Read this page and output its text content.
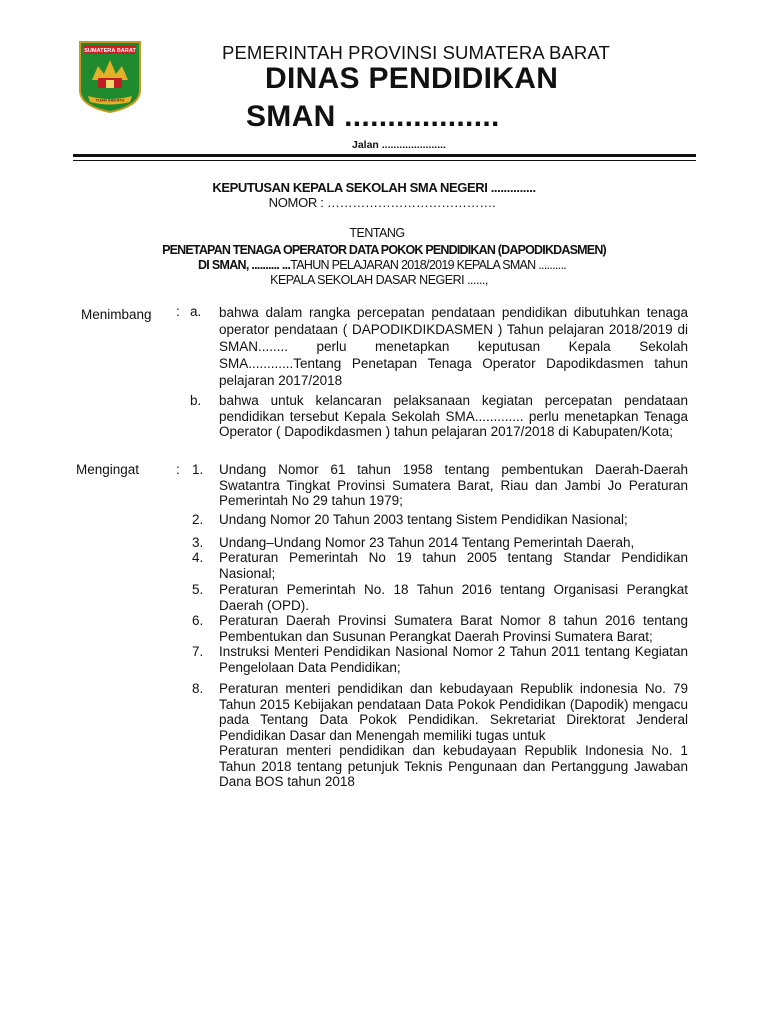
SUMATERA BARAT
TUAH SAKATO
PEMERINTAH PROVINSI SUMATERA BARAT
DINAS PENDIDIKAN
SMAN ..................
Jalan ......................
KEPUTUSAN KEPALA SEKOLAH SMA NEGERI ..............
NOMOR : ………………………………….
TENTANG
PENETAPAN TENAGA OPERATOR DATA POKOK PENDIDIKAN (DAPODIKDASMEN)
DI SMAN, .......... ...TAHUN PELAJARAN 2018/2019 KEPALA SMAN ..........
KEPALA SEKOLAH DASAR NEGERI ......,
Menimbang : a. bahwa dalam rangka percepatan pendataan pendidikan dibutuhkan tenaga operator pendataan ( DAPODIKDIKDASMEN ) Tahun pelajaran 2018/2019 di SMAN........ perlu menetapkan keputusan Kepala Sekolah SMA............Tentang Penetapan Tenaga Operator Dapodikdasmen tahun pelajaran 2017/2018
b. bahwa untuk kelancaran pelaksanaan kegiatan percepatan pendataan pendidikan tersebut Kepala Sekolah SMA............. perlu menetapkan Tenaga Operator ( Dapodikdasmen ) tahun pelajaran 2017/2018 di Kabupaten/Kota;
Mengingat	: 1. Undang Nomor 61 tahun 1958 tentang pembentukan Daerah-Daerah Swatantra Tingkat Provinsi Sumatera Barat, Riau dan Jambi Jo Peraturan Pemerintah No 29 tahun 1979;
2. Undang Nomor 20 Tahun 2003 tentang Sistem Pendidikan Nasional;
3. Undang–Undang Nomor 23 Tahun 2014 Tentang Pemerintah Daerah,
4. Peraturan Pemerintah No 19 tahun 2005 tentang Standar Pendidikan Nasional;
5. Peraturan Pemerintah No. 18 Tahun 2016 tentang Organisasi Perangkat Daerah (OPD).
6. Peraturan Daerah Provinsi Sumatera Barat Nomor 8 tahun 2016 tentang Pembentukan dan Susunan Perangkat Daerah Provinsi Sumatera Barat;
7. Instruksi Menteri Pendidikan Nasional Nomor 2 Tahun 2011 tentang Kegiatan Pengelolaan Data Pendidikan;
8. Peraturan menteri pendidikan dan kebudayaan Republik indonesia No. 79 Tahun 2015 Kebijakan pendataan Data Pokok Pendidikan (Dapodik) mengacu pada Tentang Data Pokok Pendidikan. Sekretariat Direktorat Jenderal Pendidikan Dasar dan Menengah memiliki tugas untuk
Peraturan menteri pendidikan dan kebudayaan Republik Indonesia No. 1 Tahun 2018 tentang petunjuk Teknis Pengunaan dan Pertanggung Jawaban Dana BOS tahun 2018
